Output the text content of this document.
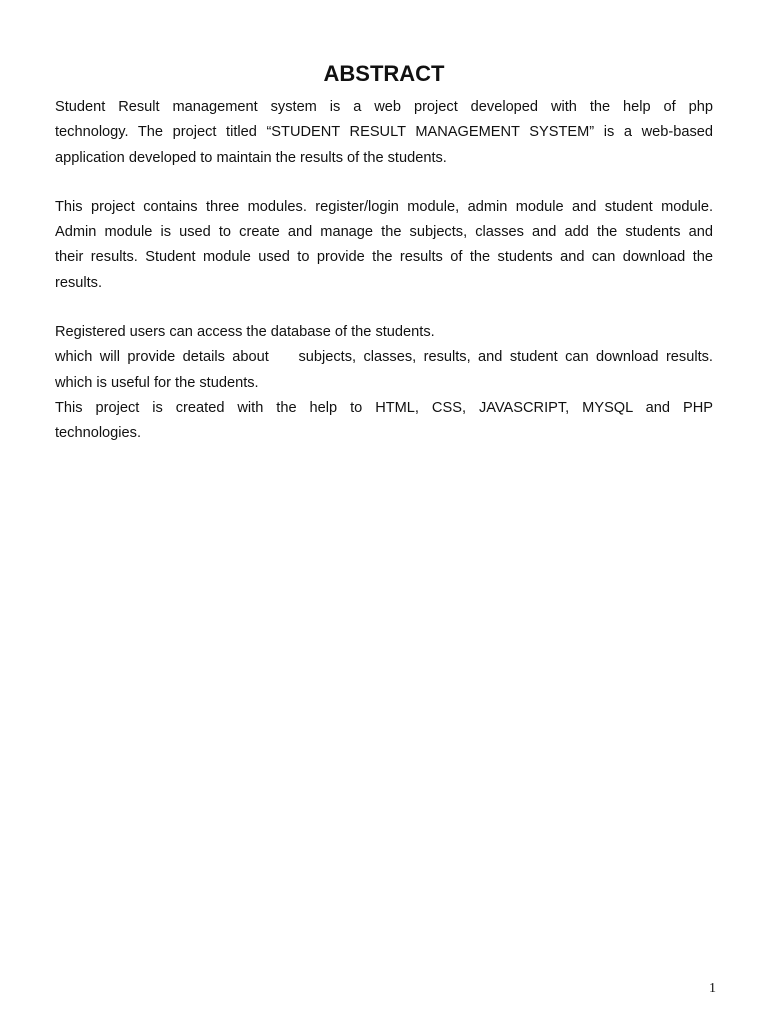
ABSTRACT

Student Result management system is a web project developed with the help of php
technology. The project titled “STUDENT RESULT MANAGEMENT SYSTEM” is a web-based
application developed to maintain the results of the students.

This project contains three modules. register/login module, admin module and student module.
Admin module is used to create and manage the subjects, classes and add the students and
their results. Student module used to provide the results of the students and can download the
results.

Registered users can access the database of the students.
which will provide details about    subjects, classes, results, and student can download results.
which is useful for the students.
This project is created with the help to HTML, CSS, JAVASCRIPT, MYSQL and PHP
technologies.

1
